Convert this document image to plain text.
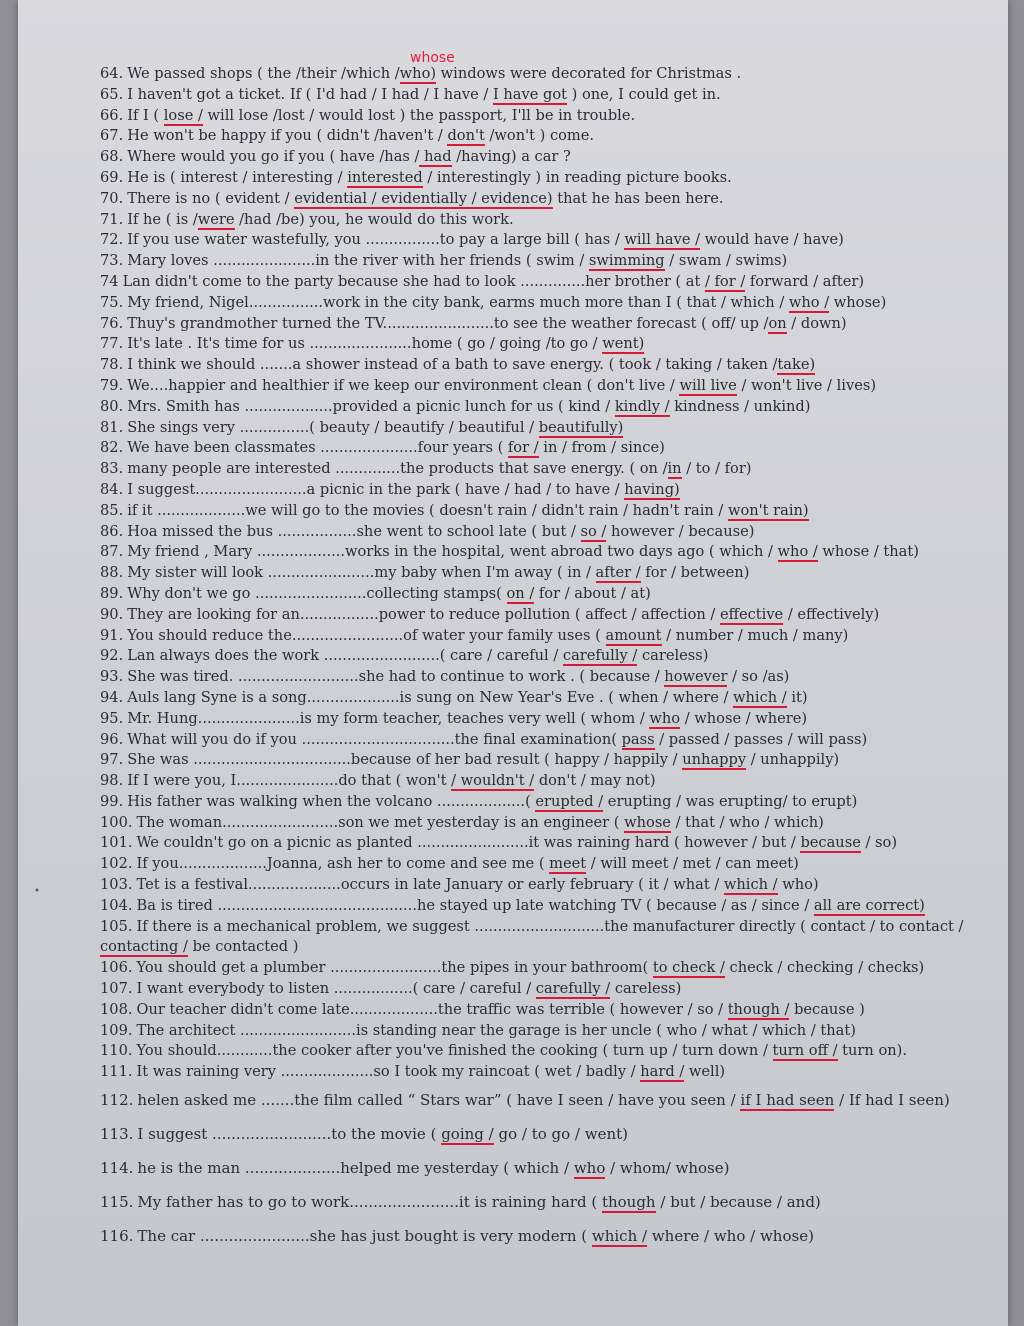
whose
64. We passed shops ( the /their /which /who) windows were decorated for Christmas .
65. I haven't got a ticket. If ( I'd had / I had / I have / I have got ) one, I could get in.
66. If I ( lose / will lose /lost / would lost ) the passport, I'll be in trouble.
67. He won't be happy if you ( didn't /haven't / don't /won't ) come.
68. Where would you go if you ( have /has / had /having) a car ?
69. He is ( interest / interesting / interested / interestingly ) in reading picture books.
70. There is no ( evident / evidential / evidentially / evidence) that he has been here.
71. If he ( is /were /had /be) you, he would do this work.
72. If you use water wastefully, you ................to pay a large bill ( has / will have / would have / have)
73. Mary loves ......................in the river with her friends ( swim / swimming / swam / swims)
74 Lan didn't come to the party because she had to look ..............her brother ( at / for / forward / after)
75. My friend, Nigel................work in the city bank, earms much more than I ( that / which / who / whose)
76. Thuy's grandmother turned the TV........................to see the weather forecast ( off/ up /on / down)
77. It's late . It's time for us ......................home ( go / going /to go / went)
78. I think we should .......a shower instead of a bath to save energy. ( took / taking / taken /take)
79. We....happier and healthier if we keep our environment clean ( don't live / will live / won't live / lives)
80. Mrs. Smith has ...................provided a picnic lunch for us ( kind / kindly / kindness / unkind)
81. She sings very ...............( beauty / beautify / beautiful / beautifully)
82. We have been classmates .....................four years ( for / in / from / since)
83. many people are interested ..............the products that save energy. ( on /in / to / for)
84. I suggest........................a picnic in the park ( have / had / to have / having)
85. if it ...................we will go to the movies ( doesn't rain / didn't rain / hadn't rain / won't rain)
86. Hoa missed the bus .................she went to school late ( but / so / however / because)
87. My friend , Mary ...................works in the hospital, went abroad two days ago ( which / who / whose / that)
88. My sister will look .......................my baby when I'm away ( in / after / for / between)
89. Why don't we go ........................collecting stamps( on / for / about / at)
90. They are looking for an.................power to reduce pollution ( affect / affection / effective / effectively)
91. You should reduce the........................of water your family uses ( amount / number / much / many)
92. Lan always does the work .........................( care / careful / carefully / careless)
93. She was tired. ..........................she had to continue to work . ( because / however / so /as)
94. Auls lang Syne is a song....................is sung on New Year's Eve . ( when / where / which / it)
95. Mr. Hung......................is my form teacher, teaches very well ( whom / who / whose / where)
96. What will you do if you .................................the final examination( pass / passed / passes / will pass)
97. She was ..................................because of her bad result ( happy / happily / unhappy / unhappily)
98. If I were you, I......................do that ( won't / wouldn't / don't / may not)
99. His father was walking when the volcano ...................( erupted / erupting / was erupting/ to erupt)
100. The woman.........................son we met yesterday is an engineer ( whose / that / who / which)
101. We couldn't go on a picnic as planted ........................it was raining hard ( however / but / because / so)
102. If you...................Joanna, ash her to come and see me ( meet / will meet / met / can meet)
103. Tet is a festival....................occurs in late January or early february ( it / what / which / who)
104. Ba is tired ...........................................he stayed up late watching TV ( because / as / since / all are correct)
105. If there is a mechanical problem, we suggest ............................the manufacturer directly ( contact / to contact /
contacting / be contacted )
106. You should get a plumber ........................the pipes in your bathroom( to check / check / checking / checks)
107. I want everybody to listen .................( care / careful / carefully / careless)
108. Our teacher didn't come late...................the traffic was terrible ( however / so / though / because )
109. The architect .........................is standing near the garage is her uncle ( who / what / which / that)
110. You should............the cooker after you've finished the cooking ( turn up / turn down / turn off / turn on).
111. It was raining very ....................so I took my raincoat ( wet / badly / hard / well)
112. helen asked me .......the film called “ Stars war” ( have I seen / have you seen / if I had seen / If had I seen)
113. I suggest .........................to the movie ( going / go / to go / went)
114. he is the man ....................helped me yesterday ( which / who / whom/ whose)
115. My father has to go to work.......................it is raining hard ( though / but / because / and)
116. The car .......................she has just bought is very modern ( which / where / who / whose)
•
